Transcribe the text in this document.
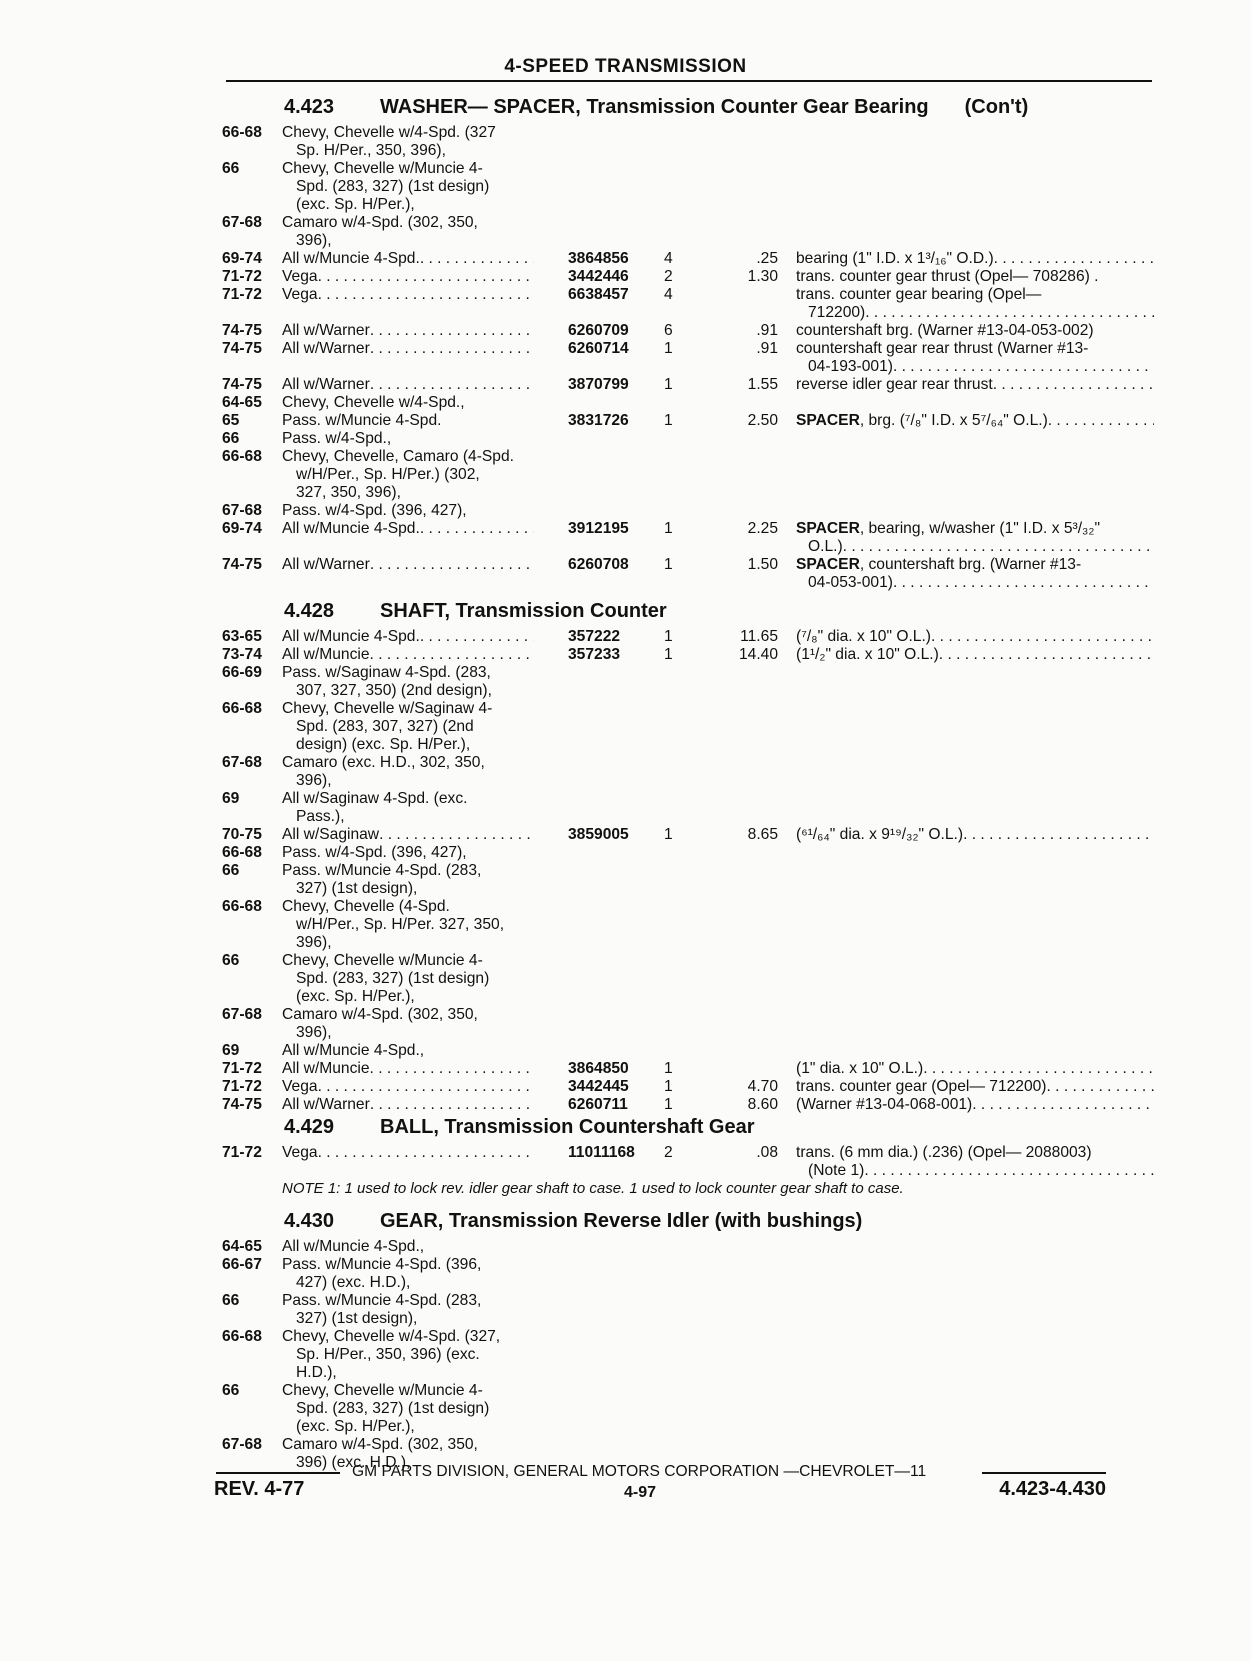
4-SPEED TRANSMISSION
4.423 WASHER— SPACER, Transmission Counter Gear Bearing (Con't)
66-68 Chevy, Chevelle w/4-Spd. (327
Sp. H/Per., 350, 396),
66	Chevy, Chevelle w/Muncie 4-
Spd. (283, 327) (1st design)
(exc. Sp. H/Per.),
67-68 Camaro w/4-Spd. (302, 350,
396),
69-74 All w/Muncie 4-Spd. . . .	3864856 4	.25 bearing (1" I.D. x 1³/₁₆" O.D.)
. . .
71-72 Vega . . .	3442446 2	1.30 trans. counter gear thrust (Opel— 708286) .
71-72 Vega . . .	6638457 4	trans. counter gear bearing (Opel—
712200)
. . .
74-75 All w/Warner . . .	6260709 6	.91 countershaft brg. (Warner #13-04-053-002)
74-75 All w/Warner . . .	6260714 1	.91 countershaft gear rear thrust (Warner #13-
04-193-001)
. . .
74-75 All w/Warner . . .	3870799 1	1.55 reverse idler gear rear thrust
. . .
64-65 Chevy, Chevelle w/4-Spd.,
65	Pass. w/Muncie 4-Spd.	3831726 1	2.50 SPACER , brg. (⁷/₈" I.D. x 5⁷/₆₄" O.L.)
. . .
66	Pass. w/4-Spd.,
66-68 Chevy, Chevelle, Camaro (4-Spd.
w/H/Per., Sp. H/Per.) (302,
327, 350, 396),
67-68 Pass. w/4-Spd. (396, 427),
69-74 All w/Muncie 4-Spd. . . .	3912195 1	2.25 SPACER, bearing, w/washer (1" I.D. x 5³/₃₂"
O.L.)
. . .
74-75 All w/Warner . . .	6260708 1	1.50 SPACER, countershaft brg. (Warner #13-
04-053-001)
. . .
4.428 SHAFT, Transmission Counter
63-65 All w/Muncie 4-Spd. . . .	357222	1	11.65 (⁷/₈" dia. x 10" O.L.)
. . .
73-74 All w/Muncie . . .	357233	1	14.40 (1¹/₂" dia. x 10" O.L.)
. . .
66-69 Pass. w/Saginaw 4-Spd. (283,
307, 327, 350) (2nd design),
66-68 Chevy, Chevelle w/Saginaw 4-
Spd. (283, 307, 327) (2nd
design) (exc. Sp. H/Per.),
67-68 Camaro (exc. H.D., 302, 350,
396),
69	All w/Saginaw 4-Spd. (exc.
Pass.),
70-75 All w/Saginaw . . .	3859005 1	8.65 (⁶¹/₆₄" dia. x 9¹⁹/₃₂" O.L.)
. . .
66-68 Pass. w/4-Spd. (396, 427),
66	Pass. w/Muncie 4-Spd. (283,
327) (1st design),
66-68 Chevy, Chevelle (4-Spd.
w/H/Per., Sp. H/Per. 327, 350,
396),
66	Chevy, Chevelle w/Muncie 4-
Spd. (283, 327) (1st design)
(exc. Sp. H/Per.),
67-68 Camaro w/4-Spd. (302, 350,
396),
69	All w/Muncie 4-Spd.,
71-72 All w/Muncie . . .	3864850 1	(1" dia. x 10" O.L.)
. . .
71-72 Vega . . .	3442445 1	4.70 trans. counter gear (Opel— 712200)
. . .
74-75 All w/Warner . . .	6260711 1	8.60 (Warner #13-04-068-001)
. . .
4.429 BALL, Transmission Countershaft Gear
71-72 Vega . . .	11011168 2	.08 trans. (6 mm dia.) (.236) (Opel— 2088003)
(Note 1)
. . .
NOTE 1: 1 used to lock rev. idler gear shaft to case. 1 used to lock counter gear shaft to case.
4.430 GEAR, Transmission Reverse Idler (with bushings)
64-65 All w/Muncie 4-Spd.,
66-67 Pass. w/Muncie 4-Spd. (396,
427) (exc. H.D.),
66	Pass. w/Muncie 4-Spd. (283,
327) (1st design),
66-68 Chevy, Chevelle w/4-Spd. (327,
Sp. H/Per., 350, 396) (exc.
H.D.),
66	Chevy, Chevelle w/Muncie 4-
Spd. (283, 327) (1st design)
(exc. Sp. H/Per.),
67-68 Camaro w/4-Spd. (302, 350,
396) (exc. H.D.),
GM PARTS DIVISION, GENERAL MOTORS CORPORATION —CHEVROLET—11
REV. 4-77	4-97	4.423-4.430
